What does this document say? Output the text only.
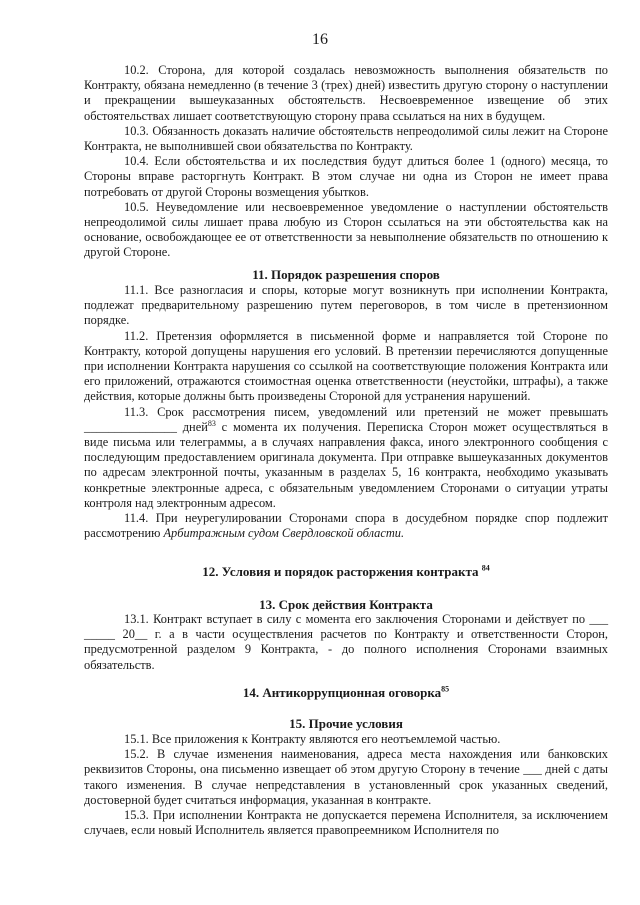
16

10.2. Сторона, для которой создалась невозможность выполнения обязательств по Контракту, обязана немедленно (в течение 3 (трех) дней) известить другую сторону о наступлении и прекращении вышеуказанных обстоятельств. Несвоевременное извещение об этих обстоятельствах лишает соответствующую сторону права ссылаться на них в будущем.

10.3. Обязанность доказать наличие обстоятельств непреодолимой силы лежит на Стороне Контракта, не выполнившей свои обязательства по Контракту.

10.4. Если обстоятельства и их последствия будут длиться более 1 (одного) месяца, то Стороны вправе расторгнуть Контракт. В этом случае ни одна из Сторон не имеет права потребовать от другой Стороны возмещения убытков.

10.5. Неуведомление или несвоевременное уведомление о наступлении обстоятельств непреодолимой силы лишает права любую из Сторон ссылаться на эти обстоятельства как на основание, освобождающее ее от ответственности за невыполнение обязательств по отношению к другой Стороне.

11. Порядок разрешения споров

11.1. Все разногласия и споры, которые могут возникнуть при исполнении Контракта, подлежат предварительному разрешению путем переговоров, в том числе в претензионном порядке.

11.2. Претензия оформляется в письменной форме и направляется той Стороне по Контракту, которой допущены нарушения его условий. В претензии перечисляются допущенные при исполнении Контракта нарушения со ссылкой на соответствующие положения Контракта или его приложений, отражаются стоимостная оценка ответственности (неустойки, штрафы), а также действия, которые должны быть произведены Стороной для устранения нарушений.

11.3. Срок рассмотрения писем, уведомлений или претензий не может превышать _______________ дней$^{83}$ с момента их получения. Переписка Сторон может осуществляться в виде письма или телеграммы, а в случаях направления факса, иного электронного сообщения с последующим предоставлением оригинала документа. При отправке вышеуказанных документов по адресам электронной почты, указанным в разделах 5, 16 контракта, необходимо указывать конкретные электронные адреса, с обязательным уведомлением Сторонами о ситуации утраты контроля над электронным адресом.

11.4. При неурегулировании Сторонами спора в досудебном порядке спор подлежит рассмотрению Арбитражным судом Свердловской области.

12. Условия и порядок расторжения контракта $^{84}$
13. Срок действия Контракта

13.1. Контракт вступает в силу с момента его заключения Сторонами и действует по ___ _____ 20__ г. а в части осуществления расчетов по Контракту и ответственности Сторон, предусмотренной разделом 9 Контракта, - до полного исполнения Сторонами взаимных обязательств.

14. Антикоррупционная оговорка$^{85}$
15. Прочие условия

15.1. Все приложения к Контракту являются его неотъемлемой частью.

15.2. В случае изменения наименования, адреса места нахождения или банковских реквизитов Стороны, она письменно извещает об этом другую Сторону в течение ___ дней с даты такого изменения. В случае непредставления в установленный срок указанных сведений, достоверной будет считаться информация, указанная в контракте.

15.3. При исполнении Контракта не допускается перемена Исполнителя, за исключением случаев, если новый Исполнитель является правопреемником Исполнителя по
